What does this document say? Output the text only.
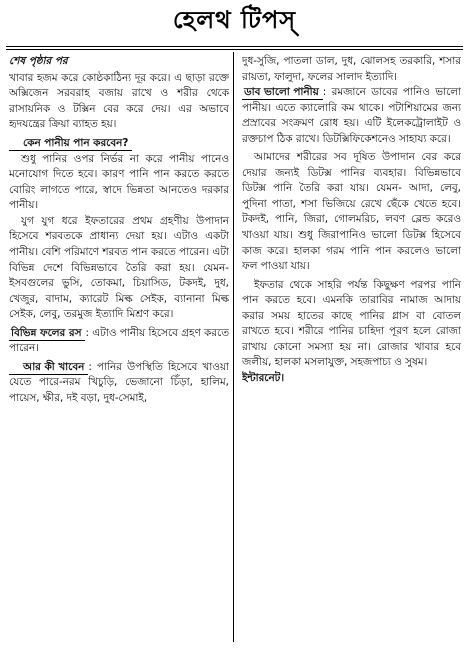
হেলথ টিপস্

শেষ পৃষ্ঠার পর

খাবার হজম করে কোষ্ঠকাঠিন্য দূর করে। এ ছাড়া রক্তে অক্সিজেন সরবরাহ বজায় রাখে ও শরীর থেকে রাসায়নিক ও টক্সিন বের করে দেয়। এর অভাবে হৃদযন্ত্রের ক্রিয়া ব্যাহত হয়।

কেন পানীয় পান করবেন?

শুধু পানির ওপর নির্ভর না করে পানীয় পানেও মনোযোগ দিতে হবে। কারণ পানি পান করতে করতে বোরিং লাগতে পারে, স্বাদে ভিন্নতা আনতেও দরকার পানীয়।

যুগ যুগ ধরে ইফতারের প্রথম গ্রহণীয় উপাদান হিসেবে শরবতকে প্রাধান্য দেয়া হয়। এটাও একটা পানীয়। বেশি পরিমাণে শরবত পান করতে পারেন। এটা বিভিন্ন দেশে বিভিন্নভাবে তৈরি করা হয়। যেমন- ইসবগুলের ভুসি, তোকমা, চিয়াসিড, টকদই, দুধ, খেজুর, বাদাম, ক্যারেট মিল্ক সেইক, ব্যানানা মিল্ক সেইক, লেবু, তরমুজ ইত্যাদি মিশ্রণ করে।

বিভিন্ন ফলের রস : এটাও পানীয় হিসেবে গ্রহণ করতে পারেন।

আর কী খাবেন : পানির উপস্থিতি হিসেবে খাওয়া যেতে পারে-নরম খিচুড়ি, ভেজানো চিঁড়া, হালিম, পায়েস, ক্ষীর, দই বড়া, দুধ-সেমাই,

দুধ-সুজি, পাতলা ডাল, দুধ, ঝোলসহ তরকারি, শসার রায়তা, ফালুদা, ফলের সালাদ ইত্যাদি।

ডাব ভালো পানীয় : রমজানে ডাবের পানিও ভালো পানীয়। এতে ক্যালোরি কম থাকে। পটাশিয়ামের জন্য প্রস্রাবের সংক্রমণ রোধ হয়। এটি ইলেকট্রোলাইট ও রক্তচাপ ঠিক রাখে। ডিটক্সিফিকেশনেও সাহায্য করে।

আমাদের শরীরের সব দূষিত উপাদান বের করে দেয়ার জন্যই ডিটক্স পানির ব্যবহার। বিভিন্নভাবে ডিটক্স পানি তৈরি করা যায়। যেমন- আদা, লেবু, পুদিনা পাতা, শসা ভিজিয়ে রেখে ছেঁকে খেতে হবে। টকদই, পানি, জিরা, গোলমরিচ, লবণ ব্লেন্ড করেও খাওয়া যায়। শুধু জিরাপানিও ভালো ডিটক্স হিসেবে কাজ করে। হালকা গরম পানি পান করলেও ভালো ফল পাওয়া যায়।

ইফতার থেকে সাহরি পর্যন্ত কিছুক্ষণ পরপর পানি পান করতে হবে। এমনকি তারাবির নামাজ আদায় করার সময় হাতের কাছে পানির গ্লাস বা বোতল রাখতে হবে। শরীরে পানির চাহিদা পূরণ হলে রোজা রাখায় কোনো সমস্যা হয় না। রোজার খাবার হবে জলীয়, হালকা মসলাযুক্ত, সহজপাচ্য ও সুষম।

ইন্টারনেট।
